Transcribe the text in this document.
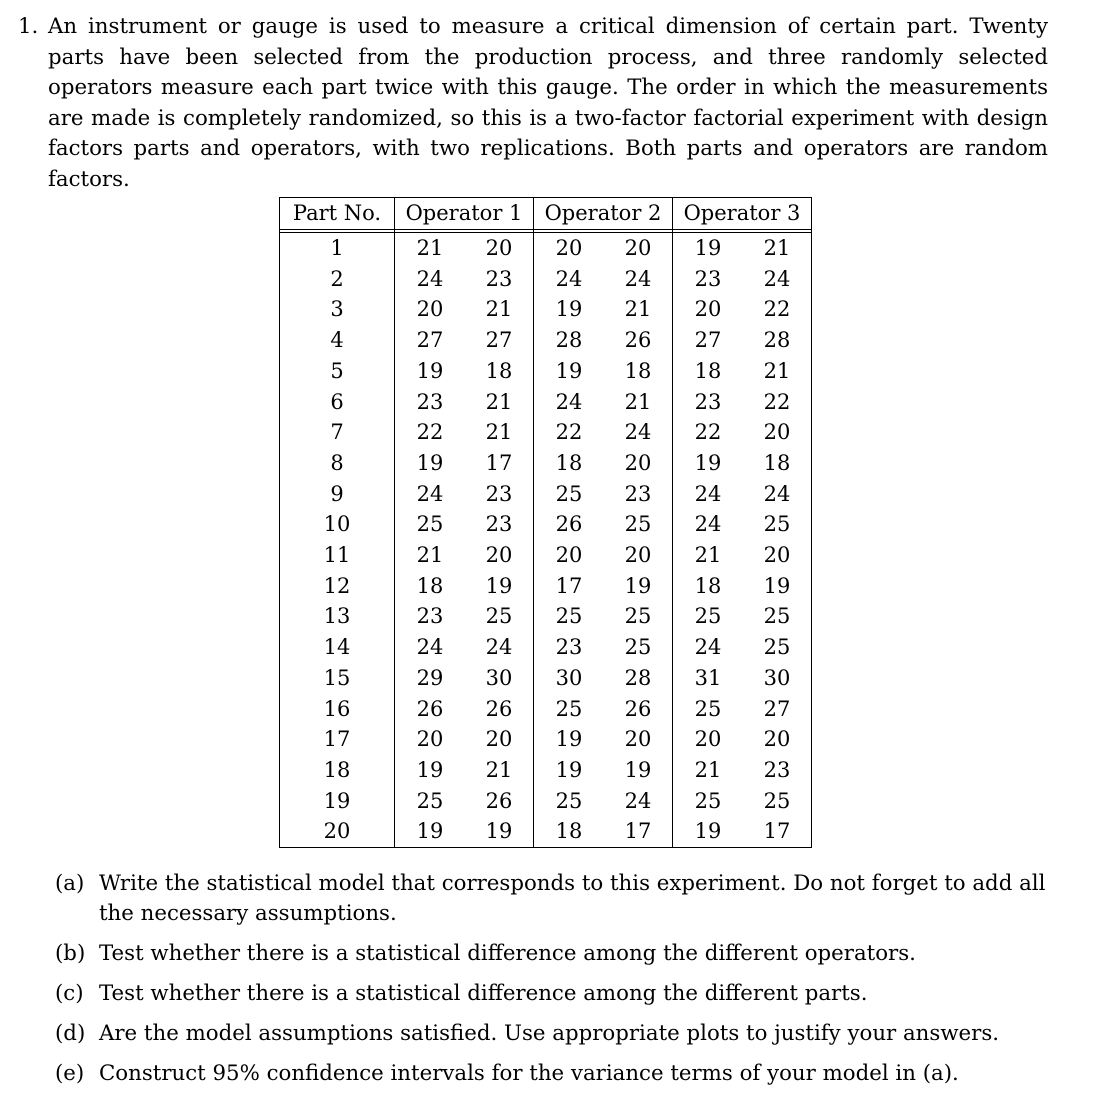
1. An instrument or gauge is used to measure a critical dimension of certain part. Twenty parts have been selected from the production process, and three randomly selected operators measure each part twice with this gauge. The order in which the measurements are made is completely randomized, so this is a two-factor factorial experiment with design factors parts and operators, with two replications. Both parts and operators are random factors.
Part No.	Operator 1		Operator 2		Operator 3	

1	21	20	20	20	19	21
2	24	23	24	24	23	24
3	20	21	19	21	20	22
4	27	27	28	26	27	28
5	19	18	19	18	18	21
6	23	21	24	21	23	22
7	22	21	22	24	22	20
8	19	17	18	20	19	18
9	24	23	25	23	24	24
10	25	23	26	25	24	25
11	21	20	20	20	21	20
12	18	19	17	19	18	19
13	23	25	25	25	25	25
14	24	24	23	25	24	25
15	29	30	30	28	31	30
16	26	26	25	26	25	27
17	20	20	19	20	20	20
18	19	21	19	19	21	23
19	25	26	25	24	25	25
20	19	19	18	17	19	17
(a) Write the statistical model that corresponds to this experiment. Do not forget to add all the necessary assumptions.
(b) Test whether there is a statistical difference among the different operators.
(c) Test whether there is a statistical difference among the different parts.
(d) Are the model assumptions satisfied. Use appropriate plots to justify your answers.
(e) Construct 95% confidence intervals for the variance terms of your model in (a).
